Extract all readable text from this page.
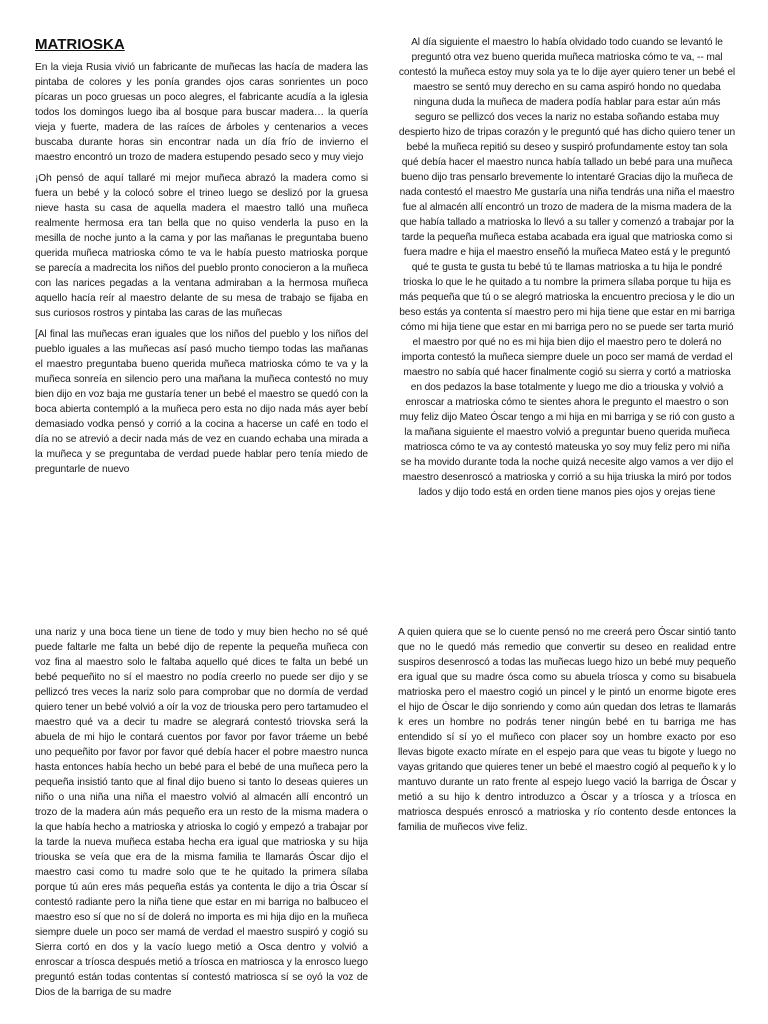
MATRIOSKA

En la vieja Rusia vivió un fabricante de muñecas las hacía de madera las pintaba de colores y les ponía grandes ojos caras sonrientes un poco pícaras un poco gruesas un poco alegres, el fabricante acudía a la iglesia todos los domingos luego iba al bosque para buscar madera… la quería vieja y fuerte, madera de las raíces de árboles y centenarios a veces buscaba durante horas sin encontrar nada un día frío de invierno el maestro encontró un trozo de madera estupendo pesado seco y muy viejo

¡Oh pensó de aquí tallaré mi mejor muñeca abrazó la madera como si fuera un bebé y la colocó sobre el trineo luego se deslizó por la gruesa nieve hasta su casa de aquella madera el maestro talló una muñeca realmente hermosa era tan bella que no quiso venderla la puso en la mesilla de noche junto a la cama y por las mañanas le preguntaba bueno querida muñeca matrioska cómo te va le había puesto matrioska porque se parecía a madrecita los niños del pueblo pronto conocieron a la muñeca con las narices pegadas a la ventana admiraban a la hermosa muñeca aquello hacía reír al maestro delante de su mesa de trabajo se fijaba en sus curiosos rostros y pintaba las caras de las muñecas

[Al final las muñecas eran iguales que los niños del pueblo y los niños del pueblo iguales a las muñecas así pasó mucho tiempo todas las mañanas el maestro preguntaba bueno querida muñeca matrioska cómo te va y la muñeca sonreía en silencio pero una mañana la muñeca contestó no muy bien dijo en voz baja me gustaría tener un bebé el maestro se quedó con la boca abierta contempló a la muñeca pero esta no dijo nada más ayer bebí demasiado vodka pensó y corrió a la cocina a hacerse un café en todo el día no se atrevió a decir nada más de vez en cuando echaba una mirada a la muñeca y se preguntaba de verdad puede hablar pero tenía miedo de preguntarle de nuevo

Al día siguiente el maestro lo había olvidado todo cuando se levantó le preguntó otra vez bueno querida muñeca matrioska cómo te va, -- mal contestó la muñeca estoy muy sola ya te lo dije ayer quiero tener un bebé el maestro se sentó muy derecho en su cama aspiró hondo no quedaba ninguna duda la muñeca de madera podía hablar para estar aún más seguro se pellizcó dos veces la nariz no estaba soñando estaba muy despierto hizo de tripas corazón y le preguntó qué has dicho quiero tener un bebé la muñeca repitió su deseo y suspiró profundamente estoy tan sola qué debía hacer el maestro nunca había tallado un bebé para una muñeca bueno dijo tras pensarlo brevemente lo intentaré Gracias dijo la muñeca de nada contestó el maestro Me gustaría una niña tendrás una niña el maestro fue al almacén allí encontró un trozo de madera de la misma madera de la que había tallado a matrioska lo llevó a su taller y comenzó a trabajar por la tarde la pequeña muñeca estaba acabada era igual que matrioska como si fuera madre e hija el maestro enseñó la muñeca Mateo está y le preguntó qué te gusta te gusta tu bebé tú te llamas matrioska a tu hija le pondré trioska lo que le he quitado a tu nombre la primera sílaba porque tu hija es más pequeña que tú o se alegró matrioska la encuentro preciosa y le dio un beso estás ya contenta sí maestro pero mi hija tiene que estar en mi barriga cómo mi hija tiene que estar en mi barriga pero no se puede ser tarta murió el maestro por qué no es mi hija bien dijo el maestro pero te dolerá no importa contestó la muñeca siempre duele un poco ser mamá de verdad el maestro no sabía qué hacer finalmente cogió su sierra y cortó a matrioska en dos pedazos la base totalmente y luego me dio a triouska y volvió a enroscar a matrioska cómo te sientes ahora le pregunto el maestro o son muy feliz dijo Mateo Óscar tengo a mi hija en mi barriga y se rió con gusto a la mañana siguiente el maestro volvió a preguntar bueno querida muñeca matriosca cómo te va ay contestó mateuska yo soy muy feliz pero mi niña se ha movido durante toda la noche quizá necesite algo vamos a ver dijo el maestro desenroscó a matrioska y corrió a su hija triuska la miró por todos lados y dijo todo está en orden tiene manos pies ojos y orejas tiene

una nariz y una boca tiene un tiene de todo y muy bien hecho no sé qué puede faltarle me falta un bebé dijo de repente la pequeña muñeca con voz fina al maestro solo le faltaba aquello qué dices te falta un bebé un bebé pequeñito no sí el maestro no podía creerlo no puede ser dijo y se pellizcó tres veces la nariz solo para comprobar que no dormía de verdad quiero tener un bebé volvió a oír la voz de triouska pero pero tartamudeo el maestro qué va a decir tu madre se alegrará contestó triovska será la abuela de mi hijo le contará cuentos por favor por favor tráeme un bebé uno pequeñito por favor por favor qué debía hacer el pobre maestro nunca hasta entonces había hecho un bebé para el bebé de una muñeca pero la pequeña insistió tanto que al final dijo bueno si tanto lo deseas quieres un niño o una niña una niña el maestro volvió al almacén allí encontró un trozo de la madera aún más pequeño era un resto de la misma madera o la que había hecho a matrioska y atrioska lo cogió y empezó a trabajar por la tarde la nueva muñeca estaba hecha era igual que matrioska y su hija triouska se veía que era de la misma familia te llamarás Óscar dijo el maestro casi como tu madre solo que te he quitado la primera sílaba porque tú aún eres más pequeña estás ya contenta le dijo a tria Óscar sí contestó radiante pero la niña tiene que estar en mi barriga no balbuceo el maestro eso sí que no sí de dolerá no importa es mi hija dijo en la muñeca siempre duele un poco ser mamá de verdad el maestro suspiró y cogió su Sierra cortó en dos y la vacío luego metió a Osca dentro y volvió a enroscar a tríosca después metió a tríosca en matriosca y la enrosco luego preguntó están todas contentas sí contestó matriosca sí se oyó la voz de Dios de la barriga de su madre

A quien quiera que se lo cuente pensó no me creerá pero Óscar sintió tanto que no le quedó más remedio que convertir su deseo en realidad entre suspiros desenroscó a todas las muñecas luego hizo un bebé muy pequeño era igual que su madre ósca como su abuela tríosca y como su bisabuela matrioska pero el maestro cogió un pincel y le pintó un enorme bigote eres el hijo de Óscar le dijo sonriendo y como aún quedan dos letras te llamarás k eres un hombre no podrás tener ningún bebé en tu barriga me has entendido sí sí yo el muñeco con placer soy un hombre exacto por eso llevas bigote exacto mírate en el espejo para que veas tu bigote y luego no vayas gritando que quieres tener un bebé el maestro cogió al pequeño k y lo mantuvo durante un rato frente al espejo luego vació la barriga de Óscar y metió a su hijo k dentro introduzco a Óscar y a tríosca y a tríosca en matriosca después enroscó a matrioska y río contento desde entonces la familia de muñecos vive feliz.
